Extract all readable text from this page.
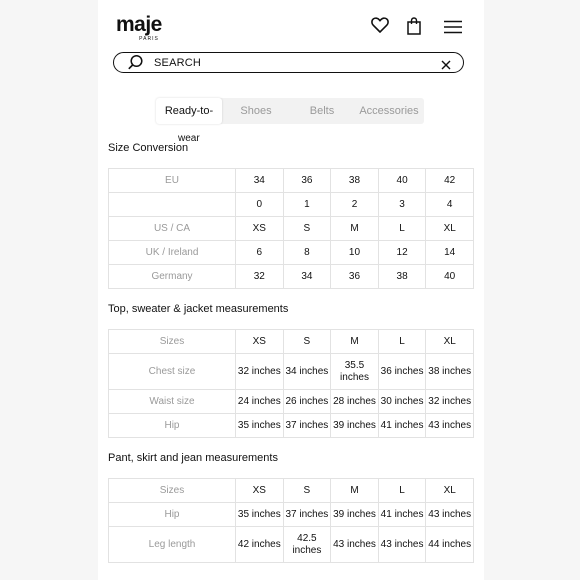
maje
PARIS
SEARCH
Ready-to-	Shoes	Belts	Accessories
wear
Size Conversion
EU	34	36	38	40	42
	0	1	2	3	4
US / CA	XS	S	M	L	XL
UK / Ireland	6	8	10	12	14
Germany	32	34	36	38	40
Top, sweater & jacket measurements
Sizes	XS	S	M	L	XL
Chest size	32 inches	34 inches	35.5 inches	36 inches	38 inches
Waist size	24 inches	26 inches	28 inches	30 inches	32 inches
Hip	35 inches	37 inches	39 inches	41 inches	43 inches
Pant, skirt and jean measurements
Sizes	XS	S	M	L	XL
Hip	35 inches	37 inches	39 inches	41 inches	43 inches
Leg length	42 inches	42.5 inches	43 inches	43 inches	44 inches
